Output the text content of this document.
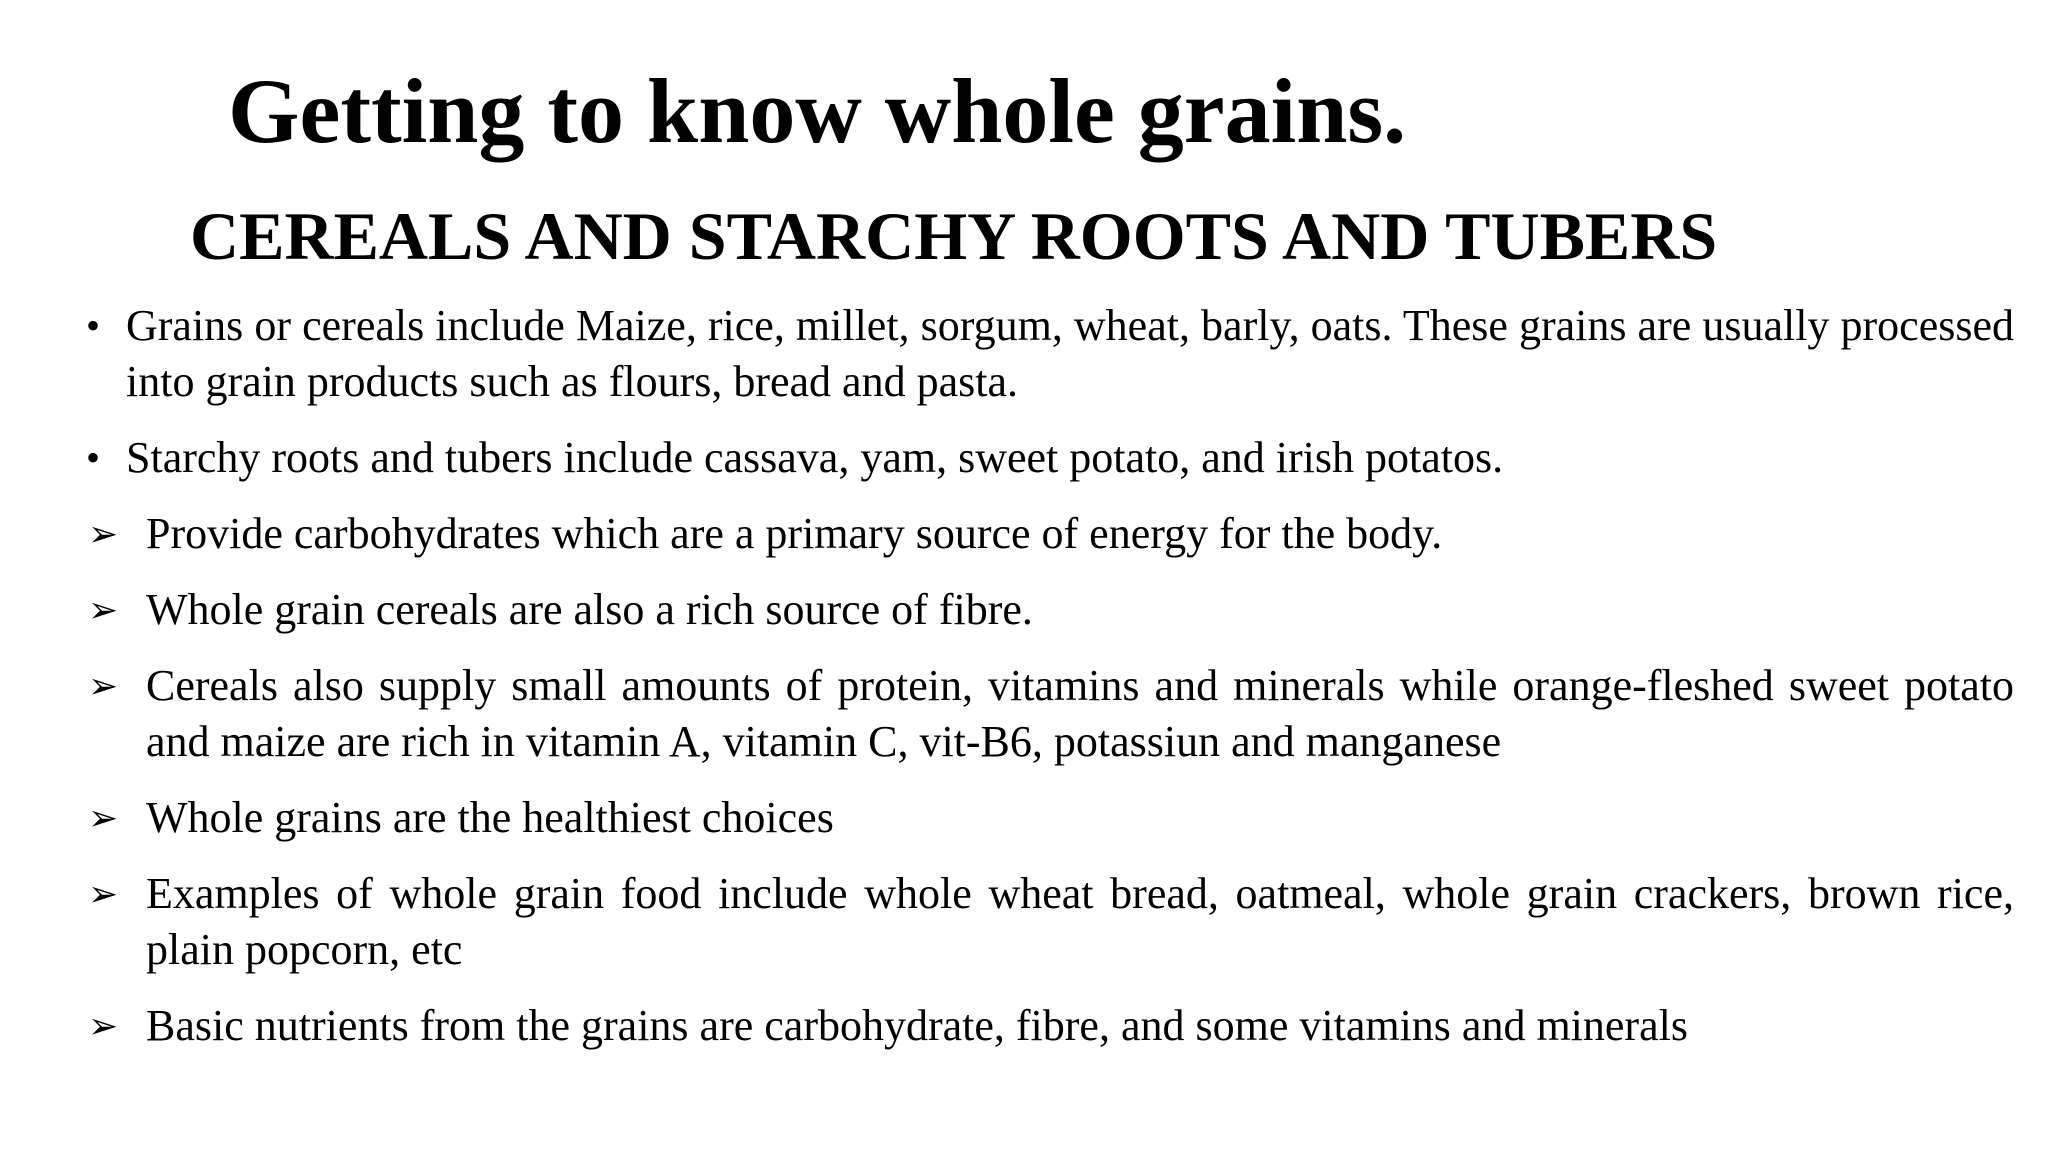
Getting to know whole grains.
CEREALS AND STARCHY ROOTS AND TUBERS
• Grains or cereals include Maize, rice, millet, sorgum, wheat, barly, oats. These grains are usually processed into grain products such as flours, bread and pasta.
• Starchy roots and tubers include cassava, yam, sweet potato, and irish potatos.
➢ Provide carbohydrates which are a primary source of energy for the body.
➢ Whole grain cereals are also a rich source of fibre.
➢ Cereals also supply small amounts of protein, vitamins and minerals while orange-fleshed sweet potato and maize are rich in vitamin A, vitamin C, vit-B6, potassiun and manganese
➢ Whole grains are the healthiest choices
➢ Examples of whole grain food include whole wheat bread, oatmeal, whole grain crackers, brown rice, plain popcorn, etc
➢ Basic nutrients from the grains are carbohydrate, fibre, and some vitamins and minerals
